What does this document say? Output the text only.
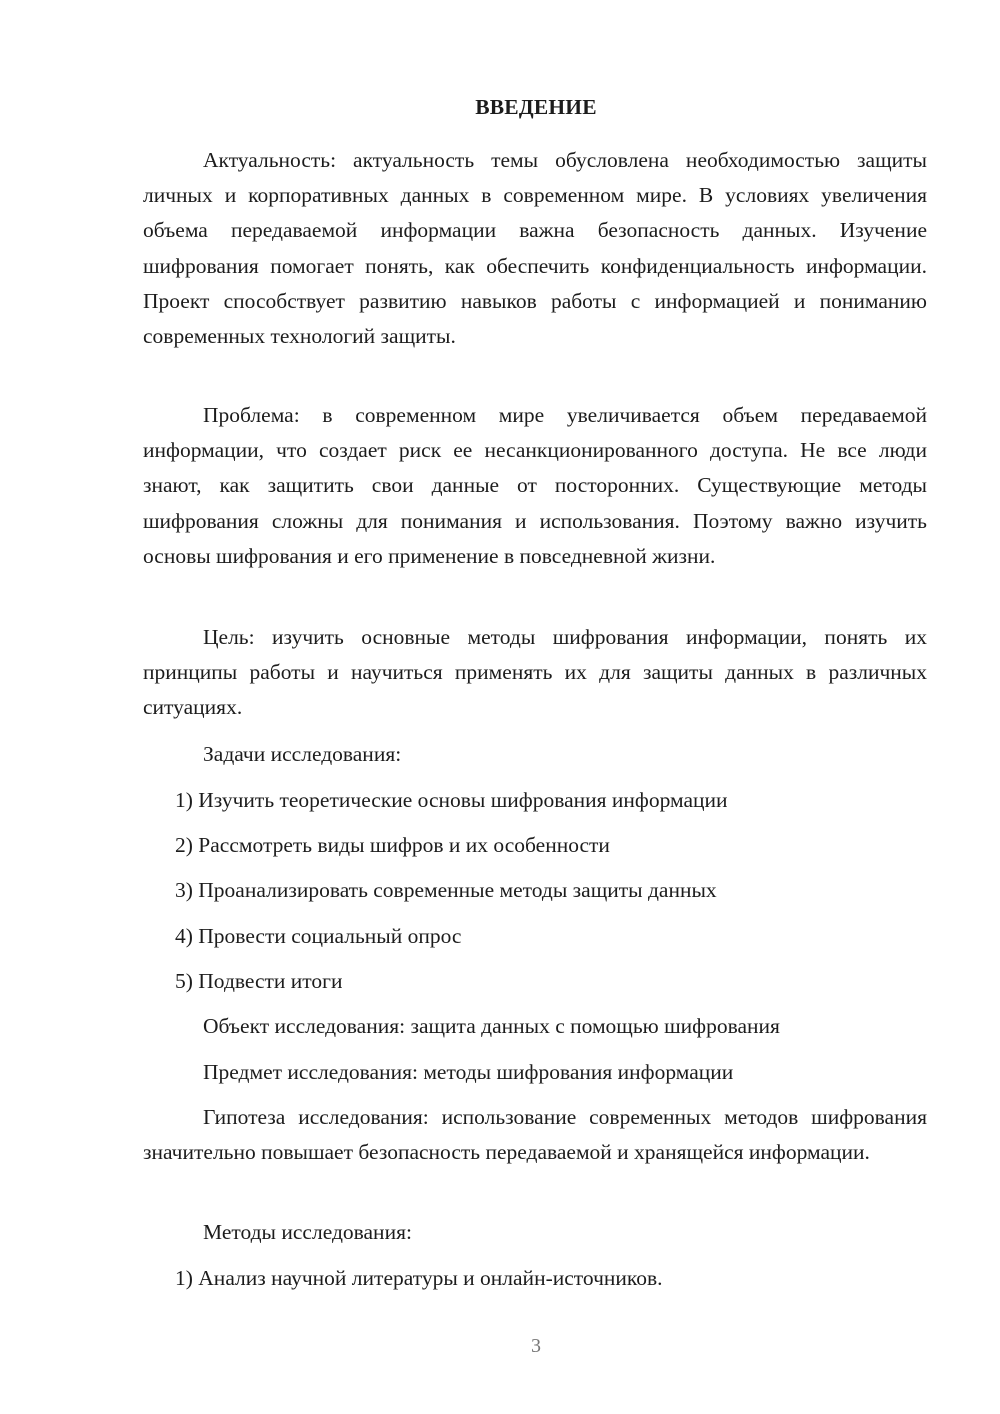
ВВЕДЕНИЕ

Актуальность: актуальность темы обусловлена необходимостью защиты личных и корпоративных данных в современном мире. В условиях увеличения объема передаваемой информации важна безопасность данных. Изучение шифрования помогает понять, как обеспечить конфиденциальность информации. Проект способствует развитию навыков работы с информацией и пониманию современных технологий защиты.

Проблема: в современном мире увеличивается объем передаваемой информации, что создает риск ее несанкционированного доступа. Не все люди знают, как защитить свои данные от посторонних. Существующие методы шифрования сложны для понимания и использования. Поэтому важно изучить основы шифрования и его применение в повседневной жизни.

Цель: изучить основные методы шифрования информации, понять их принципы работы и научиться применять их для защиты данных в различных ситуациях.

Задачи исследования:

1) Изучить теоретические основы шифрования информации

2) Рассмотреть виды шифров и их особенности

3) Проанализировать современные методы защиты данных

4) Провести социальный опрос

5) Подвести итоги

Объект исследования: защита данных с помощью шифрования

Предмет исследования: методы шифрования информации

Гипотеза исследования: использование современных методов шифрования значительно повышает безопасность передаваемой и хранящейся информации.

Методы исследования:

1) Анализ научной литературы и онлайн-источников.

3
